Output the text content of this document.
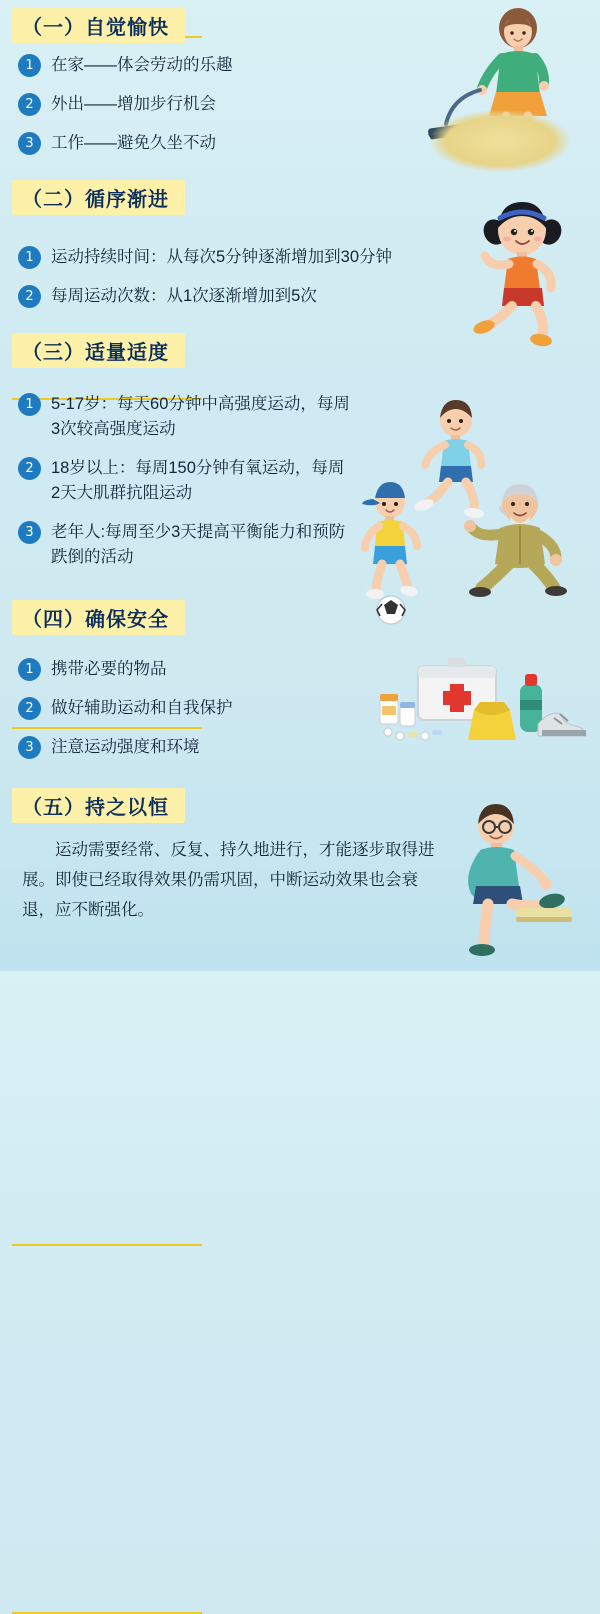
（一）自觉愉快
1	在家——体会劳动的乐趣
2	外出——增加步行机会
3	工作——避免久坐不动
（二）循序渐进
1	运动持续时间：从每次5分钟逐渐增加到30分钟
2	每周运动次数：从1次逐渐增加到5次
（三）适量适度
1	5-17岁：每天60分钟中高强度运动，每周3次较高强度运动
2	18岁以上：每周150分钟有氧运动，每周2天大肌群抗阻运动
3	老年人:每周至少3天提高平衡能力和预防跌倒的活动
（四）确保安全
1	携带必要的物品
2	做好辅助运动和自我保护
3	注意运动强度和环境
（五）持之以恒

运动需要经常、反复、持久地进行，才能逐步取得进展。即使已经取得效果仍需巩固，中断运动效果也会衰退，应不断强化。
